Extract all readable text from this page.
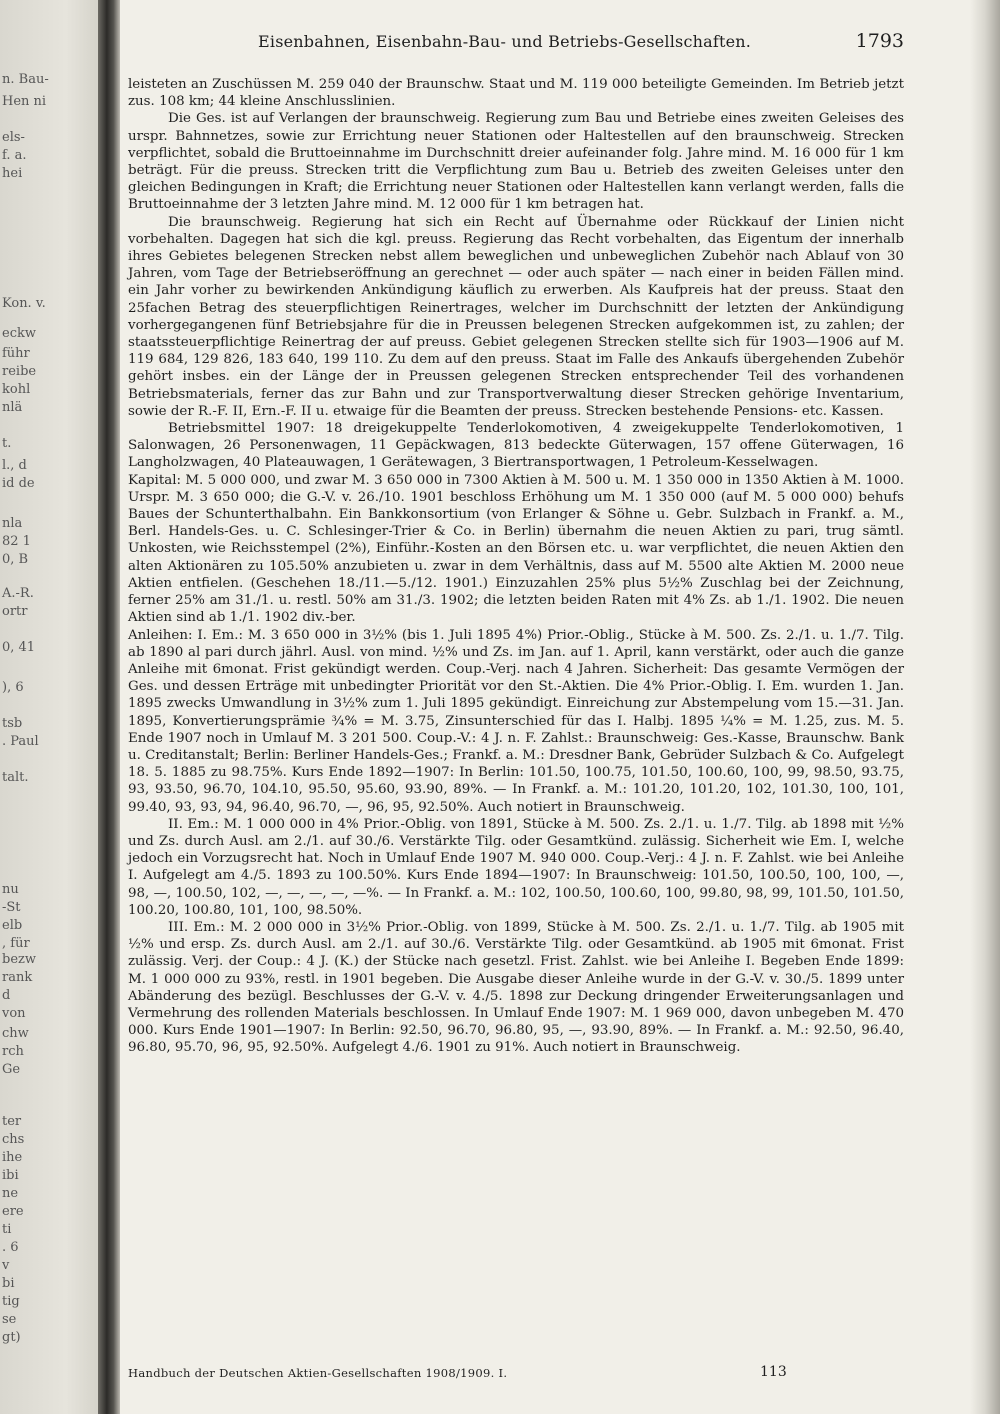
n. Bau-
Hen ni
els-
f. a.
hei
Kon. v.
eckw
führ
reibe
kohl
nlä
t.
l., d
id de
nla
82 1
0, B
A.-R.
ortr
0, 41
), 6
tsb
. Paul
talt.
nu
-St
elb
, für
bezw
rank
d
von
chw
rch
Ge
ter
chs
ihe
ibi
ne
ere
ti
. 6
v
bi
tig
se
gt)
Eisenbahnen, Eisenbahn-Bau- und Betriebs-Gesellschaften.	1793

leisteten an Zuschüssen M. 259 040 der Braunschw. Staat und M. 119 000 beteiligte Gemeinden. Im Betrieb jetzt zus. 108 km; 44 kleine Anschlusslinien.

Die Ges. ist auf Verlangen der braunschweig. Regierung zum Bau und Betriebe eines zweiten Geleises des urspr. Bahnnetzes, sowie zur Errichtung neuer Stationen oder Haltestellen auf den braunschweig. Strecken verpflichtet, sobald die Bruttoeinnahme im Durchschnitt dreier aufeinander folg. Jahre mind. M. 16 000 für 1 km beträgt. Für die preuss. Strecken tritt die Verpflichtung zum Bau u. Betrieb des zweiten Geleises unter den gleichen Bedingungen in Kraft; die Errichtung neuer Stationen oder Haltestellen kann verlangt werden, falls die Bruttoeinnahme der 3 letzten Jahre mind. M. 12 000 für 1 km betragen hat.

Die braunschweig. Regierung hat sich ein Recht auf Übernahme oder Rückkauf der Linien nicht vorbehalten. Dagegen hat sich die kgl. preuss. Regierung das Recht vorbehalten, das Eigentum der innerhalb ihres Gebietes belegenen Strecken nebst allem beweglichen und unbeweglichen Zubehör nach Ablauf von 30 Jahren, vom Tage der Betriebseröffnung an gerechnet — oder auch später — nach einer in beiden Fällen mind. ein Jahr vorher zu bewirkenden Ankündigung käuflich zu erwerben. Als Kaufpreis hat der preuss. Staat den 25fachen Betrag des steuerpflichtigen Reinertrages, welcher im Durchschnitt der letzten der Ankündigung vorhergegangenen fünf Betriebsjahre für die in Preussen belegenen Strecken aufgekommen ist, zu zahlen; der staatssteuerpflichtige Reinertrag der auf preuss. Gebiet gelegenen Strecken stellte sich für 1903—1906 auf M. 119 684, 129 826, 183 640, 199 110. Zu dem auf den preuss. Staat im Falle des Ankaufs übergehenden Zubehör gehört insbes. ein der Länge der in Preussen gelegenen Strecken entsprechender Teil des vorhandenen Betriebsmaterials, ferner das zur Bahn und zur Transportverwaltung dieser Strecken gehörige Inventarium, sowie der R.-F. II, Ern.-F. II u. etwaige für die Beamten der preuss. Strecken bestehende Pensions- etc. Kassen.

Betriebsmittel 1907: 18 dreigekuppelte Tenderlokomotiven, 4 zweigekuppelte Tenderlokomotiven, 1 Salonwagen, 26 Personenwagen, 11 Gepäckwagen, 813 bedeckte Güterwagen, 157 offene Güterwagen, 16 Langholzwagen, 40 Plateauwagen, 1 Gerätewagen, 3 Biertransportwagen, 1 Petroleum-Kesselwagen.

Kapital: M. 5 000 000, und zwar M. 3 650 000 in 7300 Aktien à M. 500 u. M. 1 350 000 in 1350 Aktien à M. 1000. Urspr. M. 3 650 000; die G.-V. v. 26./10. 1901 beschloss Erhöhung um M. 1 350 000 (auf M. 5 000 000) behufs Baues der Schunterthalbahn. Ein Bankkonsortium (von Erlanger & Söhne u. Gebr. Sulzbach in Frankf. a. M., Berl. Handels-Ges. u. C. Schlesinger-Trier & Co. in Berlin) übernahm die neuen Aktien zu pari, trug sämtl. Unkosten, wie Reichsstempel (2%), Einführ.-Kosten an den Börsen etc. u. war verpflichtet, die neuen Aktien den alten Aktionären zu 105.50% anzubieten u. zwar in dem Verhältnis, dass auf M. 5500 alte Aktien M. 2000 neue Aktien entfielen. (Geschehen 18./11.—5./12. 1901.) Einzuzahlen 25% plus 5½% Zuschlag bei der Zeichnung, ferner 25% am 31./1. u. restl. 50% am 31./3. 1902; die letzten beiden Raten mit 4% Zs. ab 1./1. 1902. Die neuen Aktien sind ab 1./1. 1902 div.-ber.

Anleihen: I. Em.: M. 3 650 000 in 3½% (bis 1. Juli 1895 4%) Prior.-Oblig., Stücke à M. 500. Zs. 2./1. u. 1./7. Tilg. ab 1890 al pari durch jährl. Ausl. von mind. ½% und Zs. im Jan. auf 1. April, kann verstärkt, oder auch die ganze Anleihe mit 6monat. Frist gekündigt werden. Coup.-Verj. nach 4 Jahren. Sicherheit: Das gesamte Vermögen der Ges. und dessen Erträge mit unbedingter Priorität vor den St.-Aktien. Die 4% Prior.-Oblig. I. Em. wurden 1. Jan. 1895 zwecks Umwandlung in 3½% zum 1. Juli 1895 gekündigt. Einreichung zur Abstempelung vom 15.—31. Jan. 1895, Konvertierungsprämie ¾% = M. 3.75, Zinsunterschied für das I. Halbj. 1895 ¼% = M. 1.25, zus. M. 5. Ende 1907 noch in Umlauf M. 3 201 500. Coup.-V.: 4 J. n. F. Zahlst.: Braunschweig: Ges.-Kasse, Braunschw. Bank u. Creditanstalt; Berlin: Berliner Handels-Ges.; Frankf. a. M.: Dresdner Bank, Gebrüder Sulzbach & Co. Aufgelegt 18. 5. 1885 zu 98.75%. Kurs Ende 1892—1907: In Berlin: 101.50, 100.75, 101.50, 100.60, 100, 99, 98.50, 93.75, 93, 93.50, 96.70, 104.10, 95.50, 95.60, 93.90, 89%. — In Frankf. a. M.: 101.20, 101.20, 102, 101.30, 100, 101, 99.40, 93, 93, 94, 96.40, 96.70, —, 96, 95, 92.50%. Auch notiert in Braunschweig.

II. Em.: M. 1 000 000 in 4% Prior.-Oblig. von 1891, Stücke à M. 500. Zs. 2./1. u. 1./7. Tilg. ab 1898 mit ½% und Zs. durch Ausl. am 2./1. auf 30./6. Verstärkte Tilg. oder Gesamtkünd. zulässig. Sicherheit wie Em. I, welche jedoch ein Vorzugsrecht hat. Noch in Umlauf Ende 1907 M. 940 000. Coup.-Verj.: 4 J. n. F. Zahlst. wie bei Anleihe I. Aufgelegt am 4./5. 1893 zu 100.50%. Kurs Ende 1894—1907: In Braunschweig: 101.50, 100.50, 100, 100, —, 98, —, 100.50, 102, —, —, —, —, —%. — In Frankf. a. M.: 102, 100.50, 100.60, 100, 99.80, 98, 99, 101.50, 101.50, 100.20, 100.80, 101, 100, 98.50%.

III. Em.: M. 2 000 000 in 3½% Prior.-Oblig. von 1899, Stücke à M. 500. Zs. 2./1. u. 1./7. Tilg. ab 1905 mit ½% und ersp. Zs. durch Ausl. am 2./1. auf 30./6. Verstärkte Tilg. oder Gesamtkünd. ab 1905 mit 6monat. Frist zulässig. Verj. der Coup.: 4 J. (K.) der Stücke nach gesetzl. Frist. Zahlst. wie bei Anleihe I. Begeben Ende 1899: M. 1 000 000 zu 93%, restl. in 1901 begeben. Die Ausgabe dieser Anleihe wurde in der G.-V. v. 30./5. 1899 unter Abänderung des bezügl. Beschlusses der G.-V. v. 4./5. 1898 zur Deckung dringender Erweiterungsanlagen und Vermehrung des rollenden Materials beschlossen. In Umlauf Ende 1907: M. 1 969 000, davon unbegeben M. 470 000. Kurs Ende 1901—1907: In Berlin: 92.50, 96.70, 96.80, 95, —, 93.90, 89%. — In Frankf. a. M.: 92.50, 96.40, 96.80, 95.70, 96, 95, 92.50%. Aufgelegt 4./6. 1901 zu 91%. Auch notiert in Braunschweig.

Handbuch der Deutschen Aktien-Gesellschaften 1908/1909. I.	113
